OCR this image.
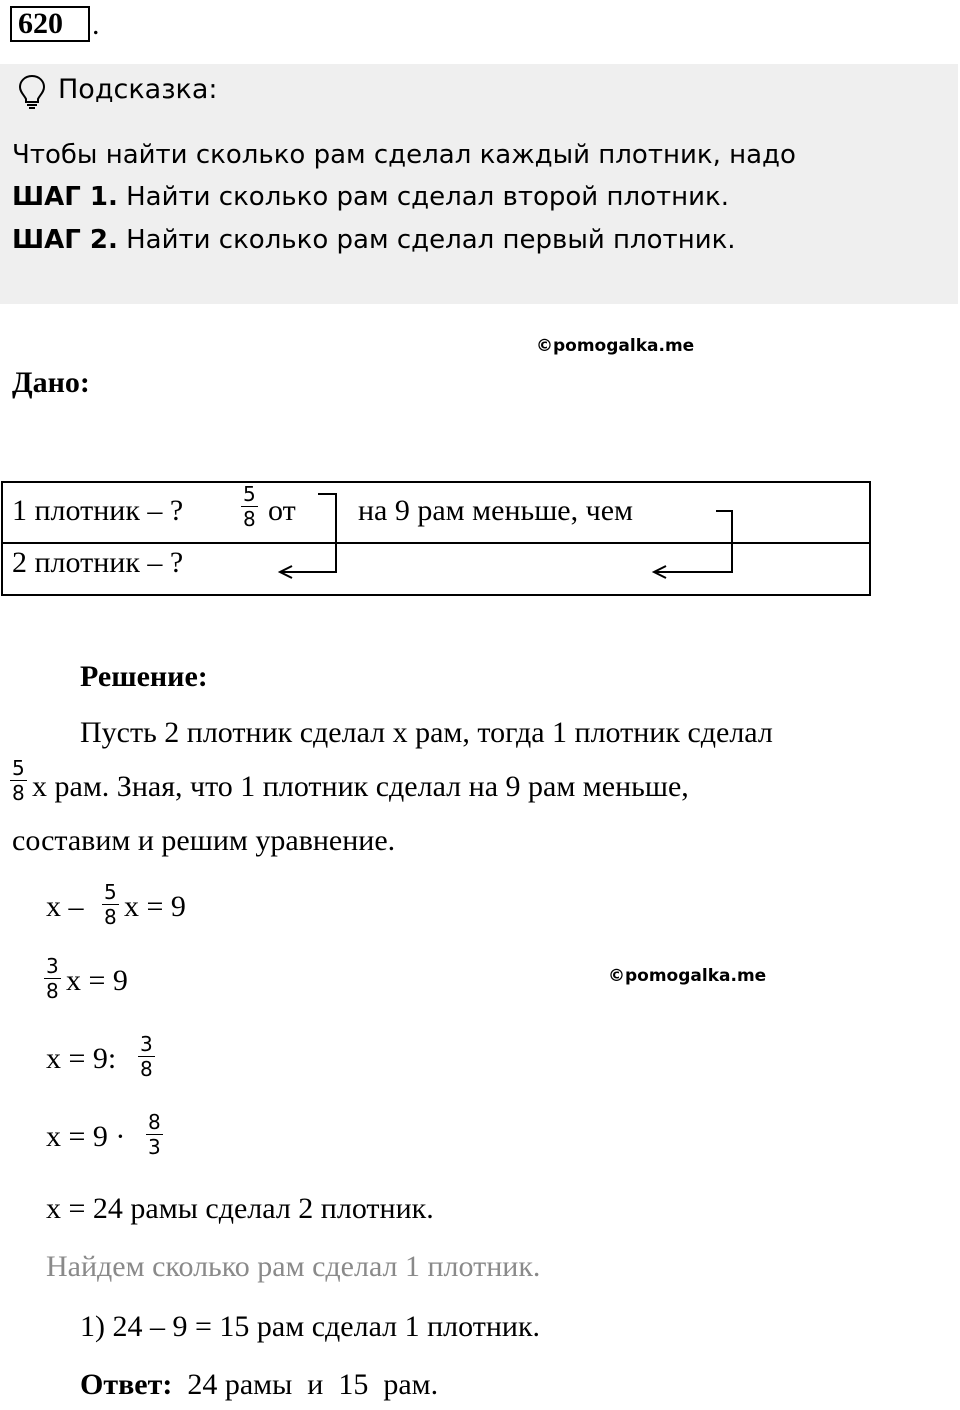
620 .
Подсказка:
Чтобы найти сколько рам сделал каждый плотник, надо
ШАГ 1. Найти сколько рам сделал второй плотник.
ШАГ 2. Найти сколько рам сделал первый плотник.
©pomogalka.me
©pomogalka.me
Дано:
1 плотник – ?	$\frac{5}{8}$ от на 9 рам меньше, чем
2 плотник – ?
Решение:
Пусть 2 плотник сделал х рам, тогда 1 плотник сделал
$\frac{5}{8}$ х рам. Зная, что 1 плотник сделал на 9 рам меньше,
составим и решим уравнение.
х – $\frac{5}{8}$ х = 9
$\frac{3}{8}$ х = 9
х = 9: $\frac{3}{8}$
$х = 9 \cdot \frac{8}{3}$
х = 24 рамы сделал 2 плотник.
Найдем сколько рам сделал 1 плотник.
1) 24 – 9 = 15 рам сделал 1 плотник.
Ответ:  24 рамы  и  15  рам.
